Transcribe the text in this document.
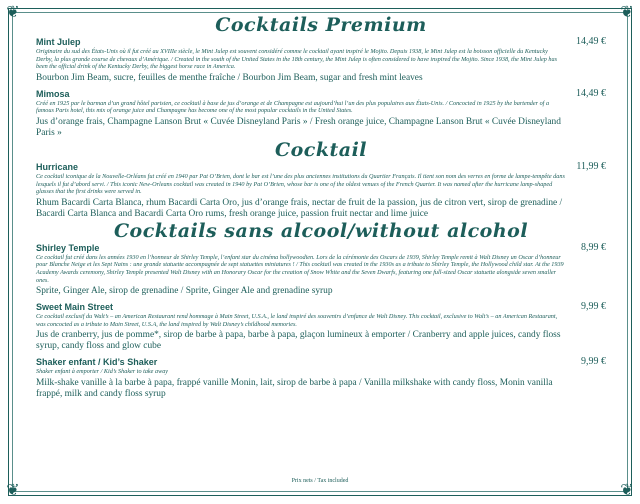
❦	❦
❦	❦
Cocktails Premium
Mint Julep	14,49 €
Originaire du sud des États-Unis où il fut créé au XVIIIe siècle, le Mint Julep est souvent considéré comme le cocktail ayant inspiré le Mojito. Depuis 1938, le Mint Julep est la boisson officielle du Kentucky Derby, la plus grande course de chevaux d’Amérique. / Created in the south of the United States in the 18th century, the Mint Julep is often considered to have inspired the Mojito. Since 1938, the Mint Julep has been the official drink of the Kentucky Derby, the biggest horse race in America.
Bourbon Jim Beam, sucre, feuilles de menthe fraîche / Bourbon Jim Beam, sugar and fresh mint leaves
Mimosa	14,49 €
Créé en 1925 par le barman d’un grand hôtel parisien, ce cocktail à base de jus d’orange et de Champagne est aujourd’hui l’un des plus populaires aux États-Unis. / Concocted in 1925 by the bartender of a famous Paris hotel, this mix of orange juice and Champagne has become one of the most popular cocktails in the United States.
Jus d’orange frais, Champagne Lanson Brut « Cuvée Disneyland Paris » / Fresh orange juice, Champagne Lanson Brut « Cuvée Disneyland Paris »
Cocktail
Hurricane	11,99 €
Ce cocktail iconique de la Nouvelle-Orléans fut créé en 1940 par Pat O’Brien, dont le bar est l’une des plus anciennes institutions du Quartier Français. Il tient son nom des verres en forme de lampe-tempête dans lesquels il fut d’abord servi. / This iconic New-Orleans cocktail was created in 1940 by Pat O’Brien, whose bar is one of the oldest venues of the French Quarter. It was named after the hurricane lamp-shaped glasses that the first drinks were served in.
Rhum Bacardi Carta Blanca, rhum Bacardi Carta Oro, jus d’orange frais, nectar de fruit de la passion, jus de citron vert, sirop de grenadine / Bacardi Carta Blanca and Bacardi Carta Oro rums, fresh orange juice, passion fruit nectar and lime juice
Cocktails sans alcool/without alcohol
Shirley Temple	8,99 €
Ce cocktail fut créé dans les années 1930 en l’honneur de Shirley Temple, l’enfant star du cinéma hollywoodien. Lors de la cérémonie des Oscars de 1939, Shirley Temple remit à Walt Disney un Oscar d’honneur pour Blanche Neige et les Sept Nains : une grande statuette accompagnée de sept statuettes miniatures ! / This cocktail was created in the 1930s as a tribute to Shirley Temple, the Hollywood child star. At the 1939 Academy Awards ceremony, Shirley Temple presented Walt Disney with an Honorary Oscar for the creation of Snow White and the Seven Dwarfs, featuring one full-sized Oscar statuette alongside seven smaller ones.
Sprite, Ginger Ale, sirop de grenadine / Sprite, Ginger Ale and grenadine syrup
Sweet Main Street	9,99 €
Ce cocktail exclusif du Walt’s – an American Restaurant rend hommage à Main Street, U.S.A., le land inspiré des souvenirs d’enfance de Walt Disney. This cocktail, exclusive to Walt’s – an American Restaurant, was concocted as a tribute to Main Street, U.S.A, the land inspired by Walt Disney’s childhood memories.
Jus de cranberry, jus de pomme*, sirop de barbe à papa, barbe à papa, glaçon lumineux à emporter / Cranberry and apple juices, candy floss syrup, candy floss and glow cube
Shaker enfant / Kid’s Shaker	9,99 €
Shaker enfant à emporter / Kid’s Shaker to take away
Milk-shake vanille à la barbe à papa, frappé vanille Monin, lait, sirop de barbe à papa / Vanilla milkshake with candy floss, Monin vanilla frappé, milk and candy floss syrup
Prix nets / Tax included
